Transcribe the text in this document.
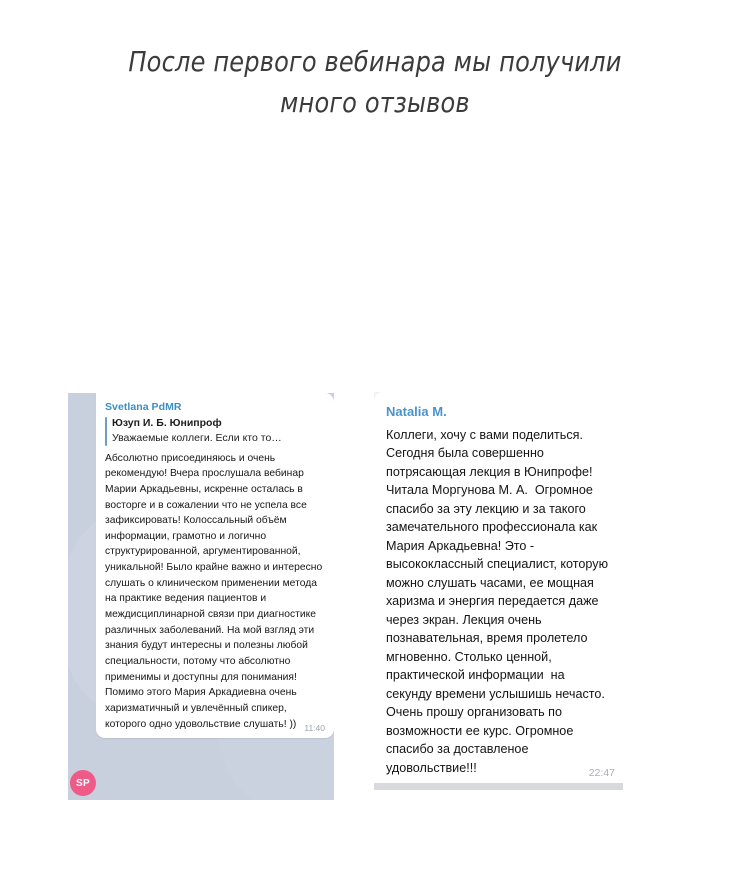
После первого вебинара мы получили много отзывов
Svetlana PdMR
Юзуп И. Б. Юнипроф
Уважаемые коллеги. Если кто то…
Абсолютно присоединяюсь и очень рекомендую! Вчера прослушала вебинар Марии Аркадьевны, искренне осталась в восторге и в сожалении что не успела все зафиксировать! Колоссальный объём информации, грамотно и логично структурированной, аргументированной, уникальной! Было крайне важно и интересно слушать о клиническом применении метода на практике ведения пациентов и междисциплинарной связи при диагностике различных заболеваний. На мой взгляд эти знания будут интересны и полезны любой специальности, потому что абсолютно применимы и доступны для понимания! Помимо этого Мария Аркадиевна очень харизматичный и увлечённый спикер, которого одно удовольствие слушать! )) 11:40
SP
Natalia M.
Коллеги, хочу с вами поделиться. Сегодня была совершенно потрясающая лекция в Юнипрофе! Читала Моргунова М. А.  Огромное спасибо за эту лекцию и за такого замечательного профессионала как Мария Аркадьевна! Это - высококлассный специалист, которую можно слушать часами, ее мощная харизма и энергия передается даже через экран. Лекция очень познавательная, время пролетело мгновенно. Столько ценной, практической информации  на секунду времени услышишь нечасто. Очень прошу организовать по возможности ее курс. Огромное спасибо за доставленое удовольствие!!!	22:47
